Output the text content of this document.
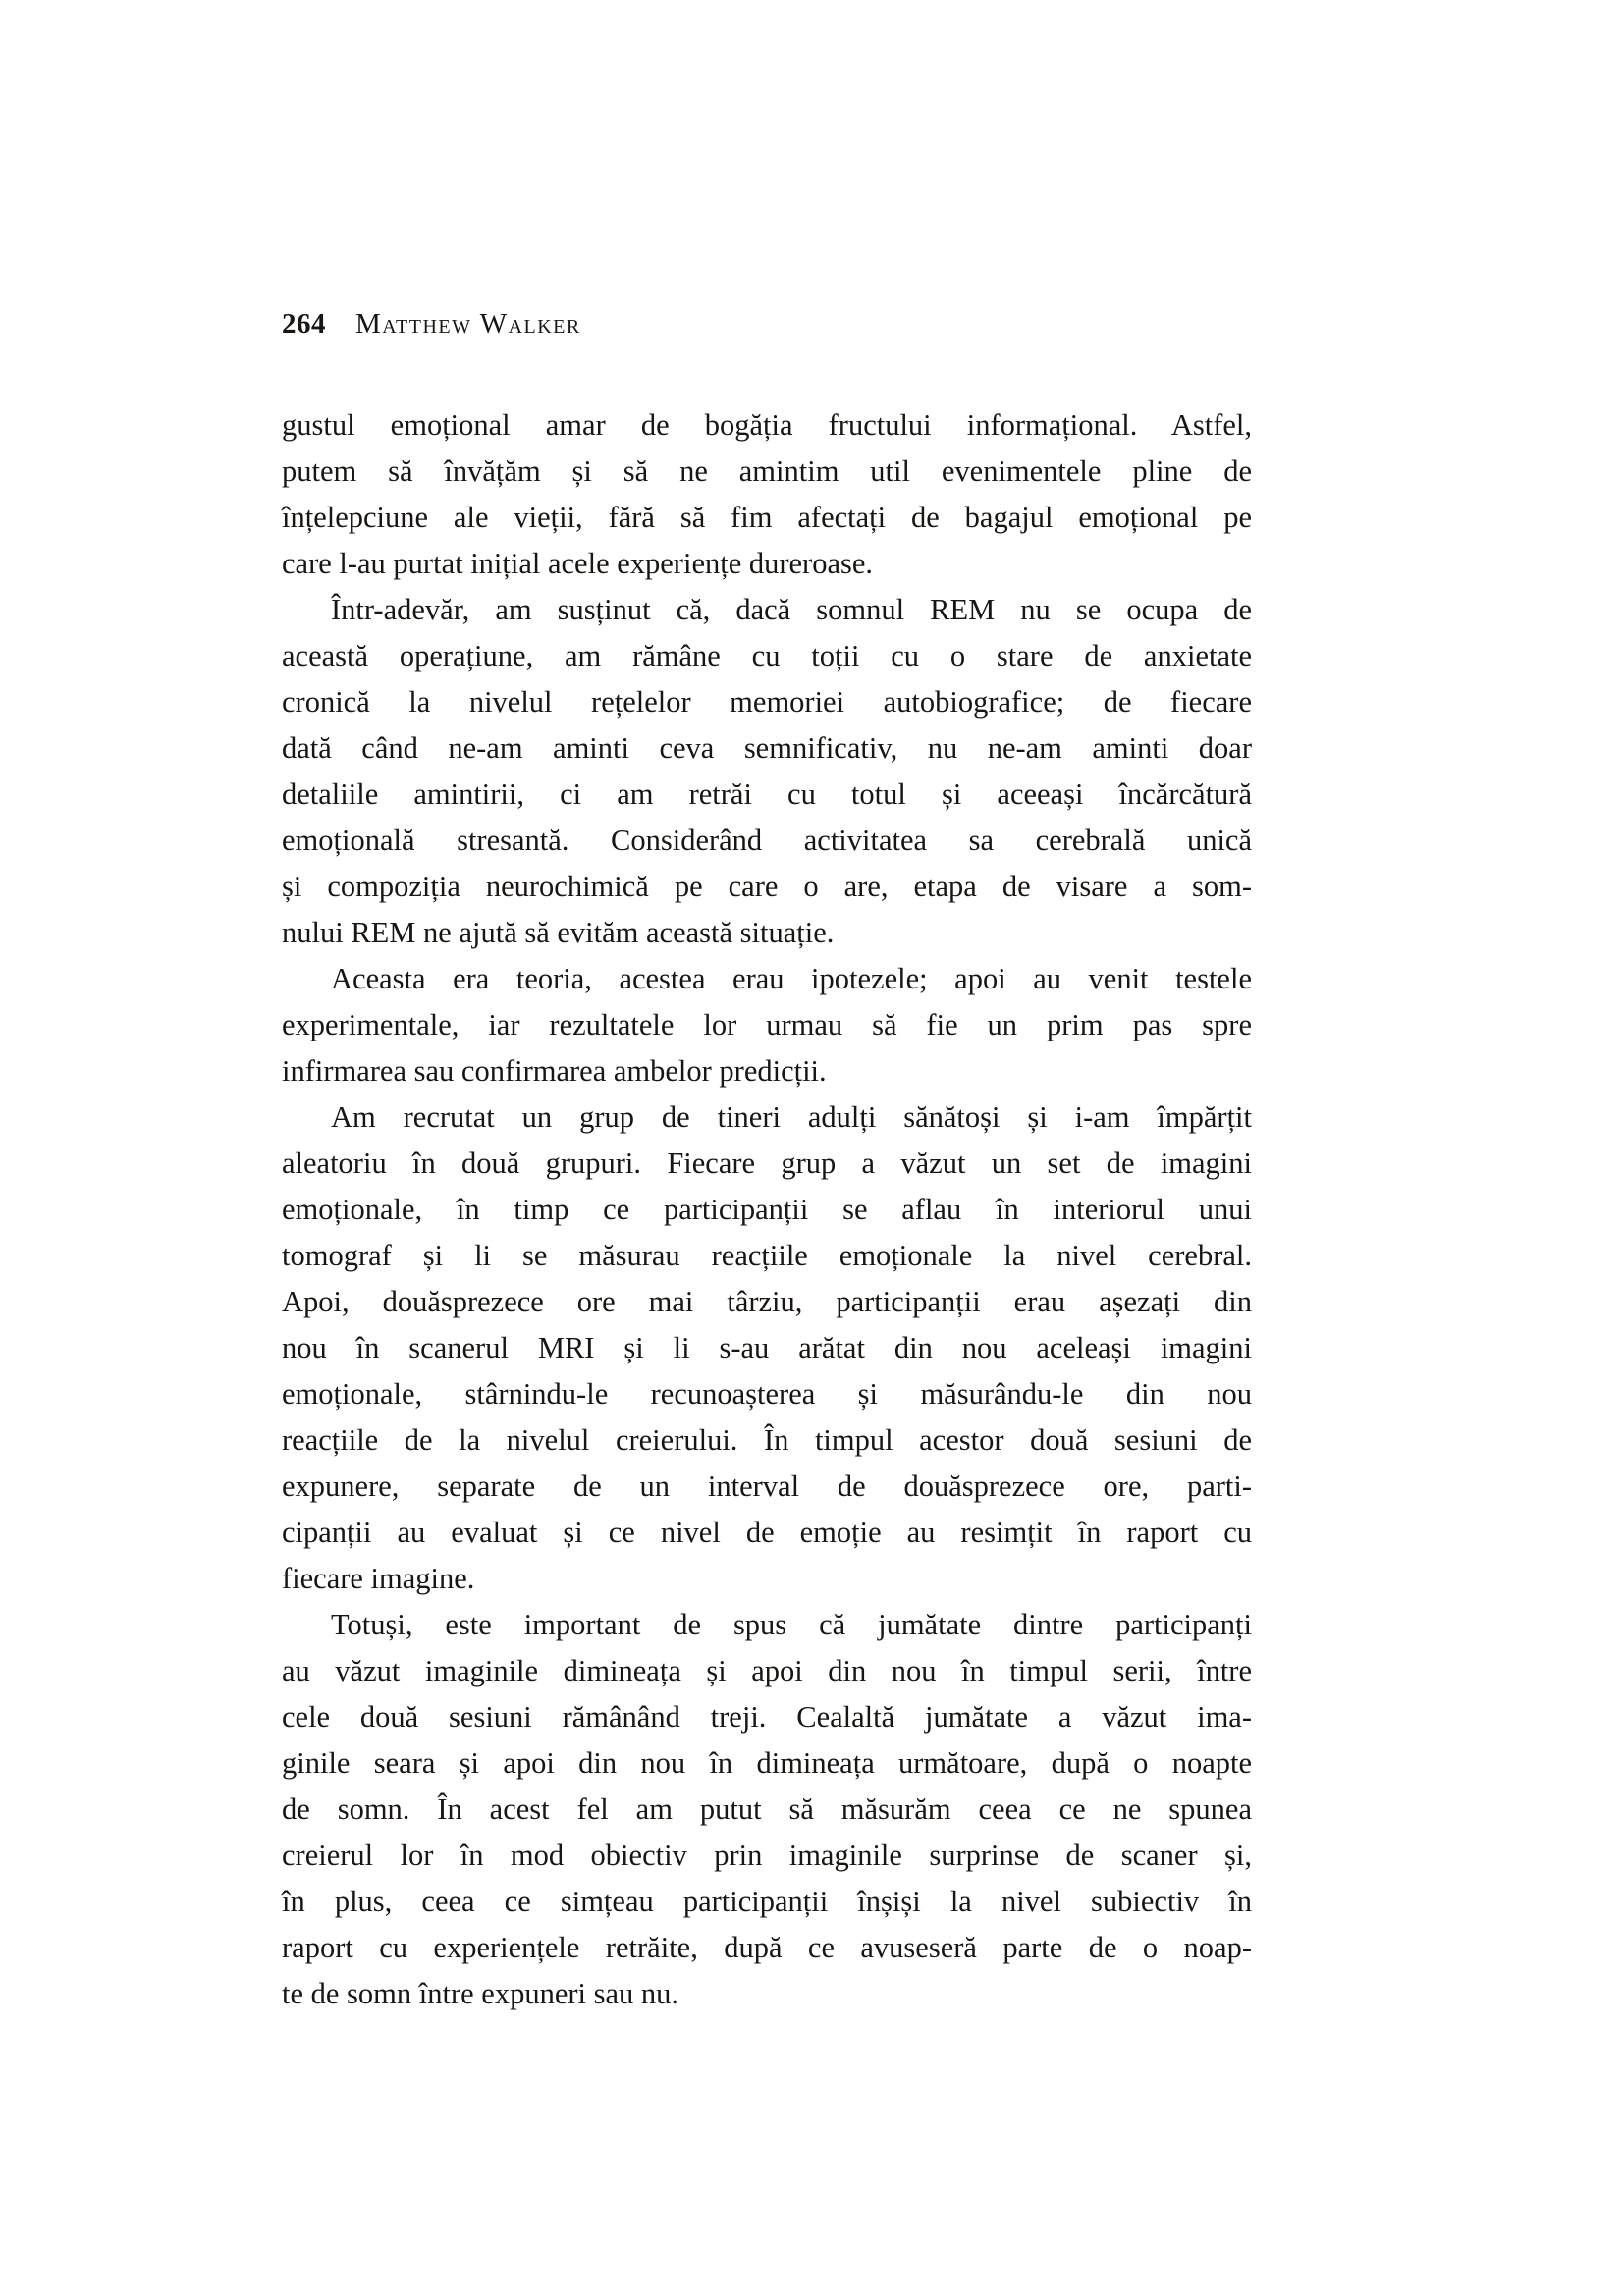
264 Matthew Walker
gustul emoțional amar de bogăția fructului informațional. Astfel,
putem să învățăm și să ne amintim util evenimentele pline de
înțelepciune ale vieții, fără să fim afectați de bagajul emoțional pe
care l-au purtat inițial acele experiențe dureroase.
Într-adevăr, am susținut că, dacă somnul REM nu se ocupa de
această operațiune, am rămâne cu toții cu o stare de anxietate
cronică la nivelul rețelelor memoriei autobiografice; de fiecare
dată când ne-am aminti ceva semnificativ, nu ne-am aminti doar
detaliile amintirii, ci am retrăi cu totul și aceeași încărcătură
emoțională stresantă. Considerând activitatea sa cerebrală unică
și compoziția neurochimică pe care o are, etapa de visare a som-
nului REM ne ajută să evităm această situație.
Aceasta era teoria, acestea erau ipotezele; apoi au venit testele
experimentale, iar rezultatele lor urmau să fie un prim pas spre
infirmarea sau confirmarea ambelor predicții.
Am recrutat un grup de tineri adulți sănătoși și i-am împărțit
aleatoriu în două grupuri. Fiecare grup a văzut un set de imagini
emoționale, în timp ce participanții se aflau în interiorul unui
tomograf și li se măsurau reacțiile emoționale la nivel cerebral.
Apoi, douăsprezece ore mai târziu, participanții erau așezați din
nou în scanerul MRI și li s-au arătat din nou aceleași imagini
emoționale, stârnindu-le recunoașterea și măsurându-le din nou
reacțiile de la nivelul creierului. În timpul acestor două sesiuni de
expunere, separate de un interval de douăsprezece ore, parti-
cipanții au evaluat și ce nivel de emoție au resimțit în raport cu
fiecare imagine.
Totuși, este important de spus că jumătate dintre participanți
au văzut imaginile dimineața și apoi din nou în timpul serii, între
cele două sesiuni rămânând treji. Cealaltă jumătate a văzut ima-
ginile seara și apoi din nou în dimineața următoare, după o noapte
de somn. În acest fel am putut să măsurăm ceea ce ne spunea
creierul lor în mod obiectiv prin imaginile surprinse de scaner și,
în plus, ceea ce simțeau participanții înșiși la nivel subiectiv în
raport cu experiențele retrăite, după ce avuseseră parte de o noap-
te de somn între expuneri sau nu.
